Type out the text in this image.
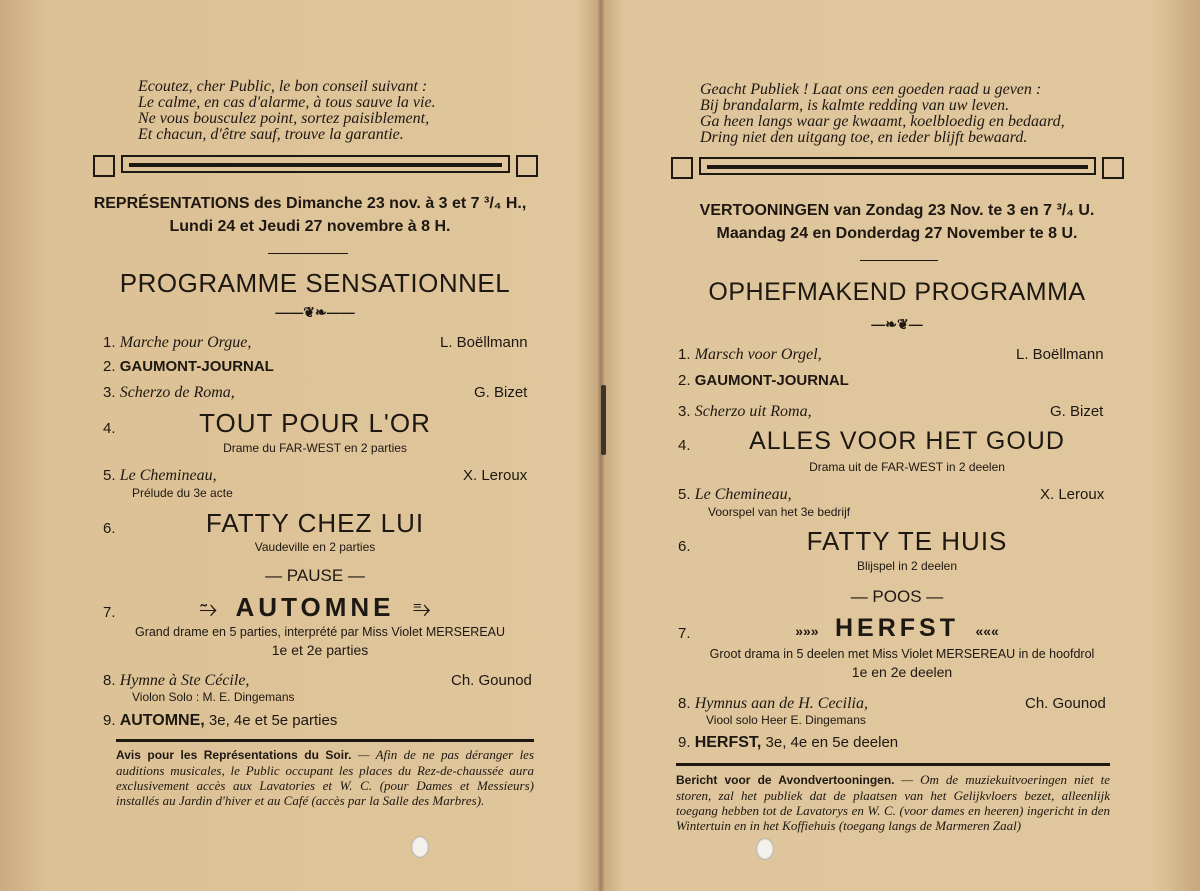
Ecoutez, cher Public, le bon conseil suivant :
Le calme, en cas d'alarme, à tous sauve la vie.
Ne vous bousculez point, sortez paisiblement,
Et chacun, d'être sauf, trouve la garantie.
REPRÉSENTATIONS des Dimanche 23 nov. à 3 et 7 ³/₄ H.,
Lundi 24 et Jeudi 27 novembre à 8 H.
PROGRAMME SENSATIONNEL
——❦❧——
1. Marche pour Orgue,	L. Boëllmann
2. GAUMONT-JOURNAL
3. Scherzo de Roma,	G. Bizet
4.	TOUT POUR L'OR
Drame du FAR-WEST en 2 parties
5. Le Chemineau,	X. Leroux
Prélude du 3e acte
6.	FATTY CHEZ LUI
Vaudeville en 2 parties
— PAUSE —
7.	⥲ AUTOMNE ⥱
Grand drame en 5 parties, interprété par Miss Violet MERSEREAU
1e et 2e parties
8. Hymne à Ste Cécile,	Ch. Gounod
Violon Solo : M. E. Dingemans
9. AUTOMNE, 3e, 4e et 5e parties
Avis pour les Représentations du Soir. — Afin de ne pas déranger les auditions musicales, le Public occupant les places du Rez-de-chaussée aura exclusivement accès aux Lavatories et W. C. (pour Dames et Messieurs) installés au Jardin d'hiver et au Café (accès par la Salle des Marbres).
Geacht Publiek ! Laat ons een goeden raad u geven :
Bij brandalarm, is kalmte redding van uw leven.
Ga heen langs waar ge kwaamt, koelbloedig en bedaard,
Dring niet den uitgang toe, en ieder blijft bewaard.
VERTOONINGEN van Zondag 23 Nov. te 3 en 7 ³/₄ U.
Maandag 24 en Donderdag 27 November te 8 U.
OPHEFMAKEND PROGRAMMA
—❧❦—
1. Marsch voor Orgel,	L. Boëllmann
2. GAUMONT-JOURNAL
3. Scherzo uit Roma,	G. Bizet
4.	ALLES VOOR HET GOUD
Drama uit de FAR-WEST in 2 deelen
5. Le Chemineau,	X. Leroux
Voorspel van het 3e bedrijf
6.	FATTY TE HUIS
Blijspel in 2 deelen
— POOS —
7.	»»» HERFST «««
Groot drama in 5 deelen met Miss Violet MERSEREAU in de hoofdrol
1e en 2e deelen
8. Hymnus aan de H. Cecilia,	Ch. Gounod
Viool solo Heer E. Dingemans
9. HERFST, 3e, 4e en 5e deelen
Bericht voor de Avondvertooningen. — Om de muziekuitvoeringen niet te storen, zal het publiek dat de plaatsen van het Gelijkvloers bezet, alleenlijk toegang hebben tot de Lavatorys en W. C. (voor dames en heeren) ingericht in den Wintertuin en in het Koffiehuis (toegang langs de Marmeren Zaal)
